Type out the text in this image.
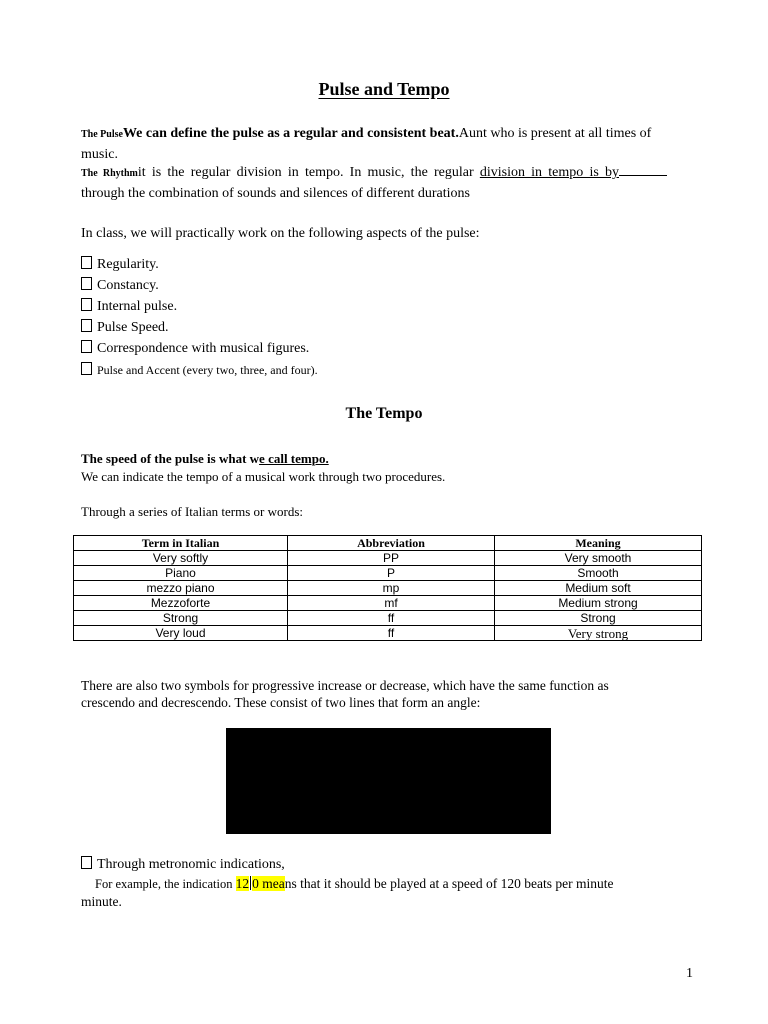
Pulse and Tempo
The PulseWe can define the pulse as a regular and consistent beat.Aunt who is present at all times of music.
The Rhythmit is the regular division in tempo. In music, the regular division in tempo is by
through the combination of sounds and silences of different durations
In class, we will practically work on the following aspects of the pulse:
Regularity.
Constancy.
Internal pulse.
Pulse Speed.
Correspondence with musical figures.
Pulse and Accent (every two, three, and four).
The Tempo
The speed of the pulse is what we call tempo.
We can indicate the tempo of a musical work through two procedures.
Through a series of Italian terms or words:
Term in Italian	Abbreviation	Meaning
Very softly	PP	Very smooth
Piano	P	Smooth
mezzo piano	mp	Medium soft
Mezzoforte	mf	Medium strong
Strong	ff	Strong
Very loud	ff	Very strong
There are also two symbols for progressive increase or decrease, which have the same function as crescendo and decrescendo. These consist of two lines that form an angle:
Through metronomic indications,
For example, the indication 12 0 means that it should be played at a speed of 120 beats per minute
minute.
1
